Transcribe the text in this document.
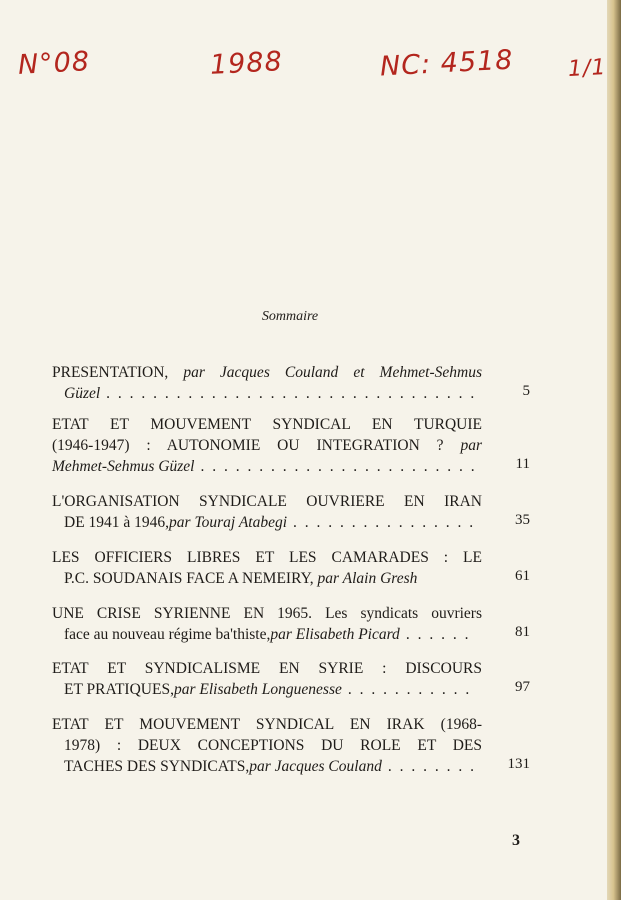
N°08	1988	NC: 4518 1/1
Sommaire
PRESENTATION, par Jacques Couland et Mehmet-Sehmus
Güzel . . .	5
ETAT ET MOUVEMENT SYNDICAL EN TURQUIE
(1946-1947) : AUTONOMIE OU INTEGRATION ? par
Mehmet-Sehmus Güzel . . .	11
L'ORGANISATION SYNDICALE OUVRIERE EN IRAN
DE 1941 à 1946, par Touraj Atabegi . . .	35
LES OFFICIERS LIBRES ET LES CAMARADES : LE
P.C. SOUDANAIS FACE A NEMEIRY, par Alain Gresh	61
UNE CRISE SYRIENNE EN 1965. Les syndicats ouvriers
face au nouveau régime ba'thiste, par Elisabeth Picard . . .	81
ETAT ET SYNDICALISME EN SYRIE : DISCOURS
ET PRATIQUES, par Elisabeth Longuenesse . . .	97
ETAT ET MOUVEMENT SYNDICAL EN IRAK (1968-
1978) : DEUX CONCEPTIONS DU ROLE ET DES
TACHES DES SYNDICATS, par Jacques Couland . . .	131
3
